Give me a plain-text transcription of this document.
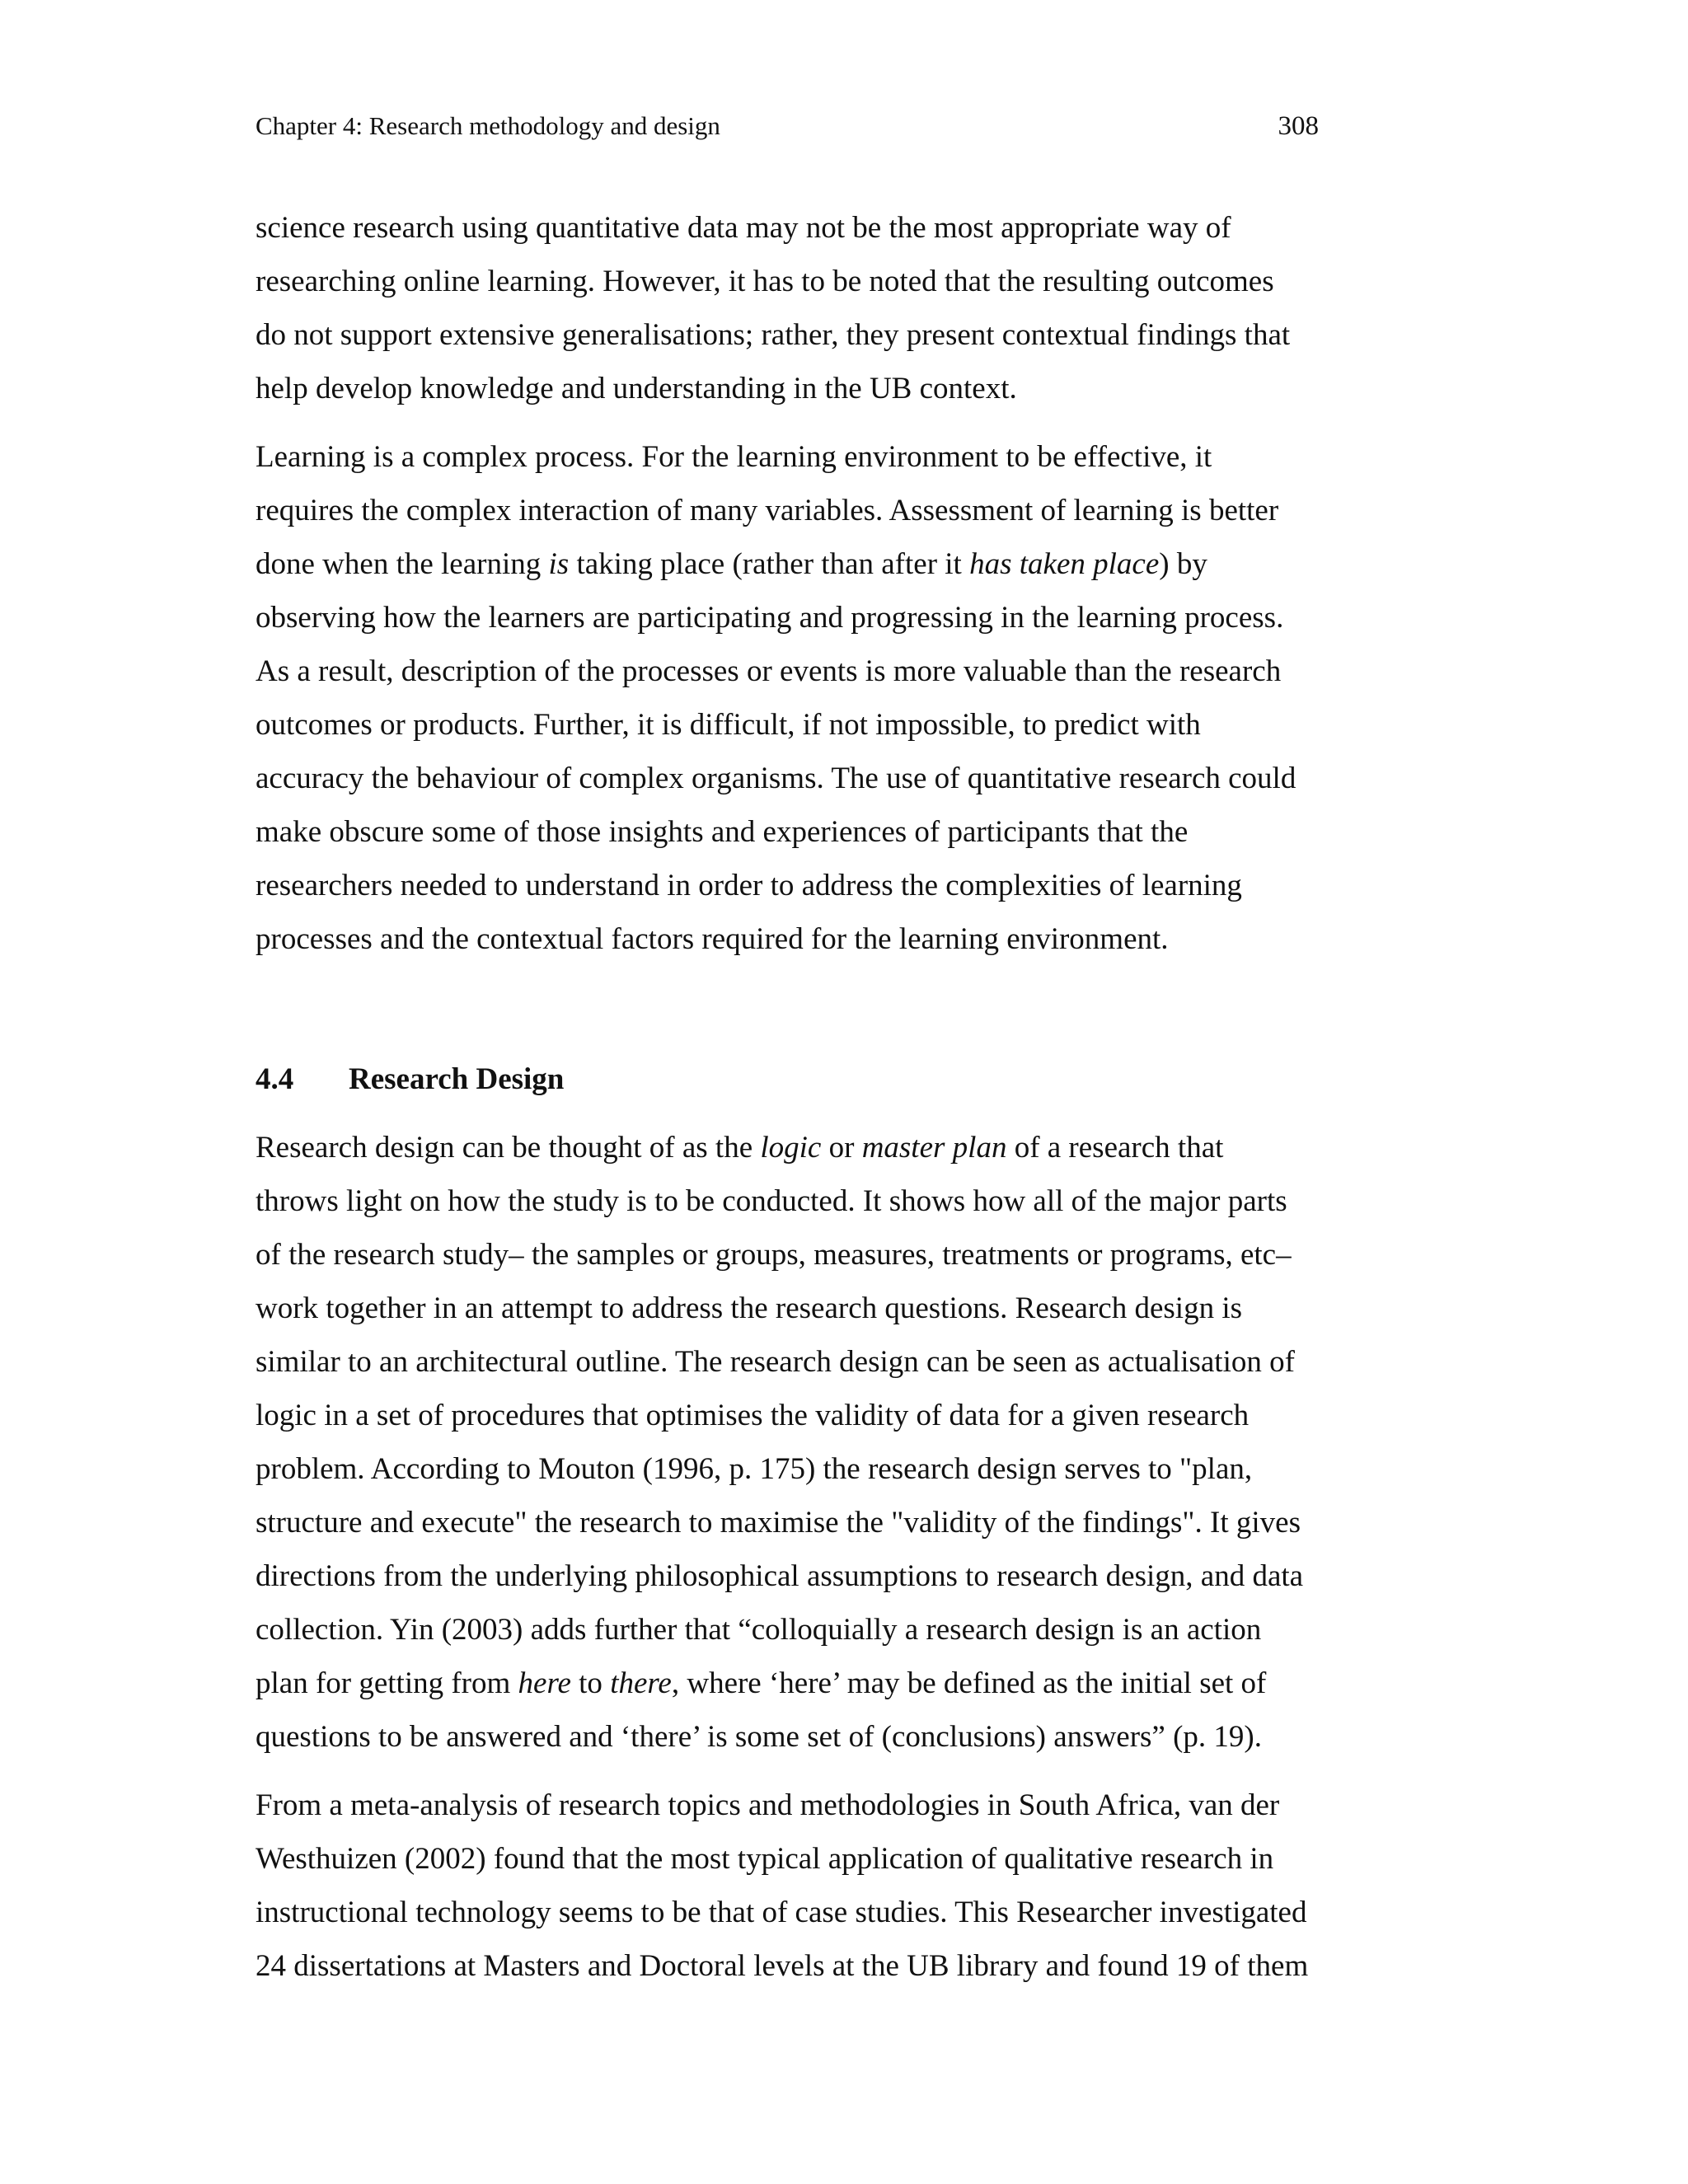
Chapter 4: Research methodology and design	308

science research using quantitative data may not be the most appropriate way of
researching online learning. However, it has to be noted that the resulting outcomes
do not support extensive generalisations; rather, they present contextual findings that
help develop knowledge and understanding in the UB context.

Learning is a complex process. For the learning environment to be effective, it
requires the complex interaction of many variables. Assessment of learning is better
done when the learning is taking place (rather than after it has taken place) by
observing how the learners are participating and progressing in the learning process.
As a result, description of the processes or events is more valuable than the research
outcomes or products. Further, it is difficult, if not impossible, to predict with
accuracy the behaviour of complex organisms. The use of quantitative research could
make obscure some of those insights and experiences of participants that the
researchers needed to understand in order to address the complexities of learning
processes and the contextual factors required for the learning environment.

4.4 Research Design

Research design can be thought of as the logic or master plan of a research that
throws light on how the study is to be conducted. It shows how all of the major parts
of the research study– the samples or groups, measures, treatments or programs, etc–
work together in an attempt to address the research questions. Research design is
similar to an architectural outline. The research design can be seen as actualisation of
logic in a set of procedures that optimises the validity of data for a given research
problem. According to Mouton (1996, p. 175) the research design serves to "plan,
structure and execute" the research to maximise the "validity of the findings". It gives
directions from the underlying philosophical assumptions to research design, and data
collection. Yin (2003) adds further that “colloquially a research design is an action
plan for getting from here to there, where ‘here’ may be defined as the initial set of
questions to be answered and ‘there’ is some set of (conclusions) answers” (p. 19).

From a meta-analysis of research topics and methodologies in South Africa, van der
Westhuizen (2002) found that the most typical application of qualitative research in
instructional technology seems to be that of case studies. This Researcher investigated
24 dissertations at Masters and Doctoral levels at the UB library and found 19 of them
